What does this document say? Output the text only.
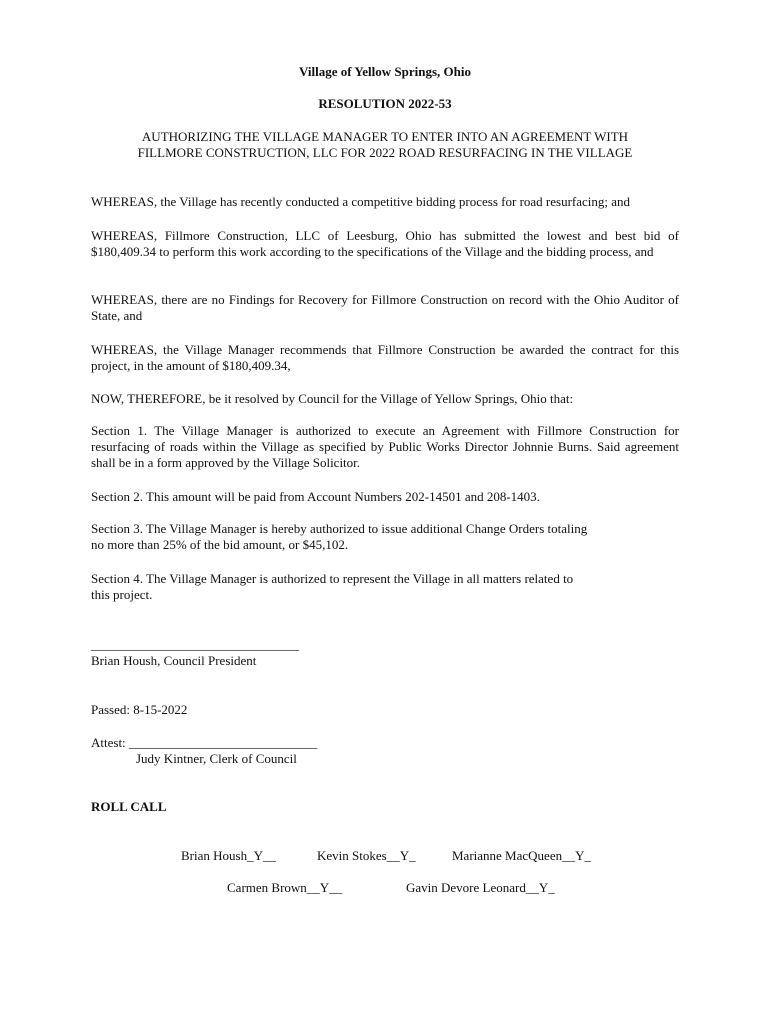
Village of Yellow Springs, Ohio
RESOLUTION 2022-53
AUTHORIZING THE VILLAGE MANAGER TO ENTER INTO AN AGREEMENT WITH
FILLMORE CONSTRUCTION, LLC FOR 2022 ROAD RESURFACING IN THE VILLAGE
WHEREAS, the Village has recently conducted a competitive bidding process for road resurfacing; and
WHEREAS, Fillmore Construction, LLC of Leesburg, Ohio has submitted the lowest and best bid of $180,409.34 to perform this work according to the specifications of the Village and the bidding process, and
WHEREAS, there are no Findings for Recovery for Fillmore Construction on record with the Ohio Auditor of State, and
WHEREAS, the Village Manager recommends that Fillmore Construction be awarded the contract for this project, in the amount of $180,409.34,
NOW, THEREFORE, be it resolved by Council for the Village of Yellow Springs, Ohio that:
Section 1. The Village Manager is authorized to execute an Agreement with Fillmore Construction for resurfacing of roads within the Village as specified by Public Works Director Johnnie Burns. Said agreement shall be in a form approved by the Village Solicitor.
Section 2. This amount will be paid from Account Numbers 202-14501 and 208-1403.
Section 3. The Village Manager is hereby authorized to issue additional Change Orders totaling
no more than 25% of the bid amount, or $45,102.
Section 4. The Village Manager is authorized to represent the Village in all matters related to
this project.
________________________________
Brian Housh, Council President
Passed: 8-15-2022
Attest: _____________________________
Judy Kintner, Clerk of Council
ROLL CALL
Brian Housh_Y__	Kevin Stokes__Y_	Marianne MacQueen__Y_
Carmen Brown__Y__	Gavin Devore Leonard__Y_
